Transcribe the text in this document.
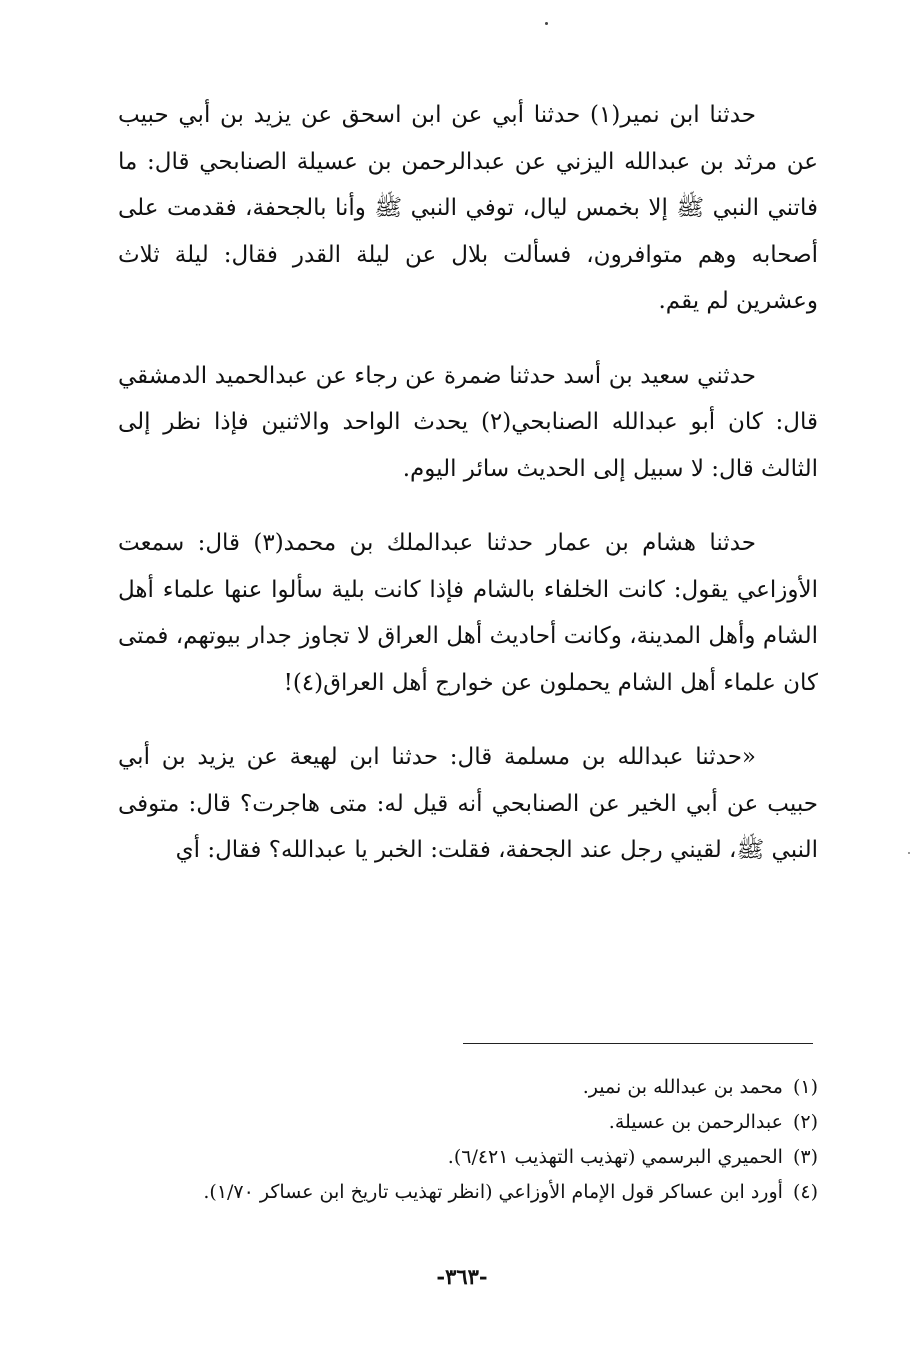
حدثنا ابن نمير(١) حدثنا أبي عن ابن اسحق عن يزيد بن أبي حبيب عن مرثد بن عبدالله اليزني عن عبدالرحمن بن عسيلة الصنابحي قال: ما فاتني النبي ﷺ إلا بخمس ليال، توفي النبي ﷺ وأنا بالجحفة، فقدمت على أصحابه وهم متوافرون، فسألت بلال عن ليلة القدر فقال: ليلة ثلاث وعشرين لم يقم.

حدثني سعيد بن أسد حدثنا ضمرة عن رجاء عن عبدالحميد الدمشقي قال: كان أبو عبدالله الصنابحي(٢) يحدث الواحد والاثنين فإذا نظر إلى الثالث قال: لا سبيل إلى الحديث سائر اليوم.

حدثنا هشام بن عمار حدثنا عبدالملك بن محمد(٣) قال: سمعت الأوزاعي يقول: كانت الخلفاء بالشام فإذا كانت بلية سألوا عنها علماء أهل الشام وأهل المدينة، وكانت أحاديث أهل العراق لا تجاوز جدار بيوتهم، فمتى كان علماء أهل الشام يحملون عن خوارج أهل العراق(٤)!

«حدثنا عبدالله بن مسلمة قال: حدثنا ابن لهيعة عن يزيد بن أبي حبيب عن أبي الخير عن الصنابحي أنه قيل له: متى هاجرت؟ قال: متوفى النبي ﷺ، لقيني رجل عند الجحفة، فقلت: الخبر يا عبدالله؟ فقال: أي

(١)محمد بن عبدالله بن نمير.

(٢)عبدالرحمن بن عسيلة.

(٣)الحميري البرسمي (تهذيب التهذيب ٦/٤٢١).

(٤)أورد ابن عساكر قول الإمام الأوزاعي (انظر تهذيب تاريخ ابن عساكر ١/٧٠).

-٣٦٣-
